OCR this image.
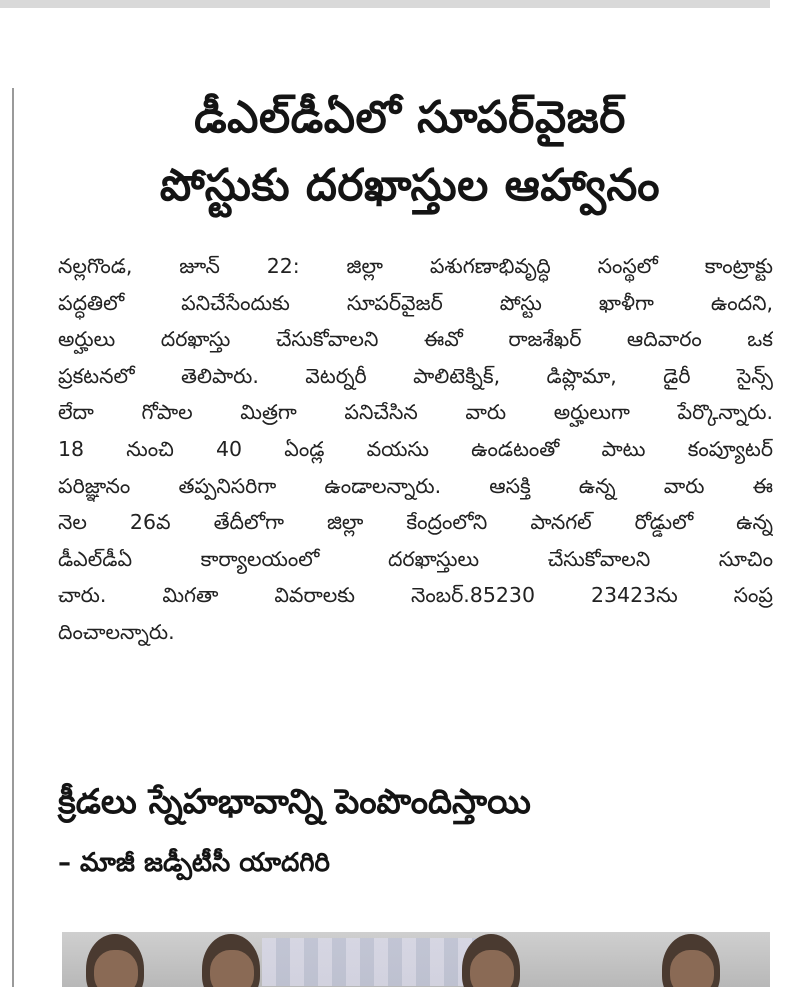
డీఎల్‌డీఏలో సూపర్‌వైజర్‌
పోస్టుకు దరఖాస్తుల ఆహ్వానం
నల్లగొండ, జూన్‌ 22: జిల్లా పశుగణాభివృద్ధి సంస్థలో కాంట్రాక్టు
పద్ధతిలో పనిచేసేందుకు సూపర్‌వైజర్‌ పోస్టు ఖాళీగా ఉందని,
అర్హులు దరఖాస్తు చేసుకోవాలని ఈవో రాజశేఖర్‌ ఆదివారం ఒక
ప్రకటనలో తెలిపారు. వెటర్నరీ పాలిటెక్నిక్‌, డిప్లొమా, డైరీ సైన్స్‌
లేదా గోపాల మిత్రగా పనిచేసిన వారు అర్హులుగా పేర్కొన్నారు.
18 నుంచి 40 ఏండ్ల వయసు ఉండటంతో పాటు కంప్యూటర్‌
పరిజ్ఞానం తప్పనిసరిగా ఉండాలన్నారు. ఆసక్తి ఉన్న వారు ఈ
నెల 26వ తేదీలోగా జిల్లా కేంద్రంలోని పానగల్‌ రోడ్డులో ఉన్న
డీఎల్‌డీఏ కార్యాలయంలో దరఖాస్తులు చేసుకోవాలని సూచిం
చారు. మిగతా వివరాలకు నెంబర్‌.85230 23423ను సంప్ర
దించాలన్నారు.
క్రీడలు స్నేహభావాన్ని పెంపొందిస్తాయి
– మాజీ జడ్పీటీసీ యాదగిరి
